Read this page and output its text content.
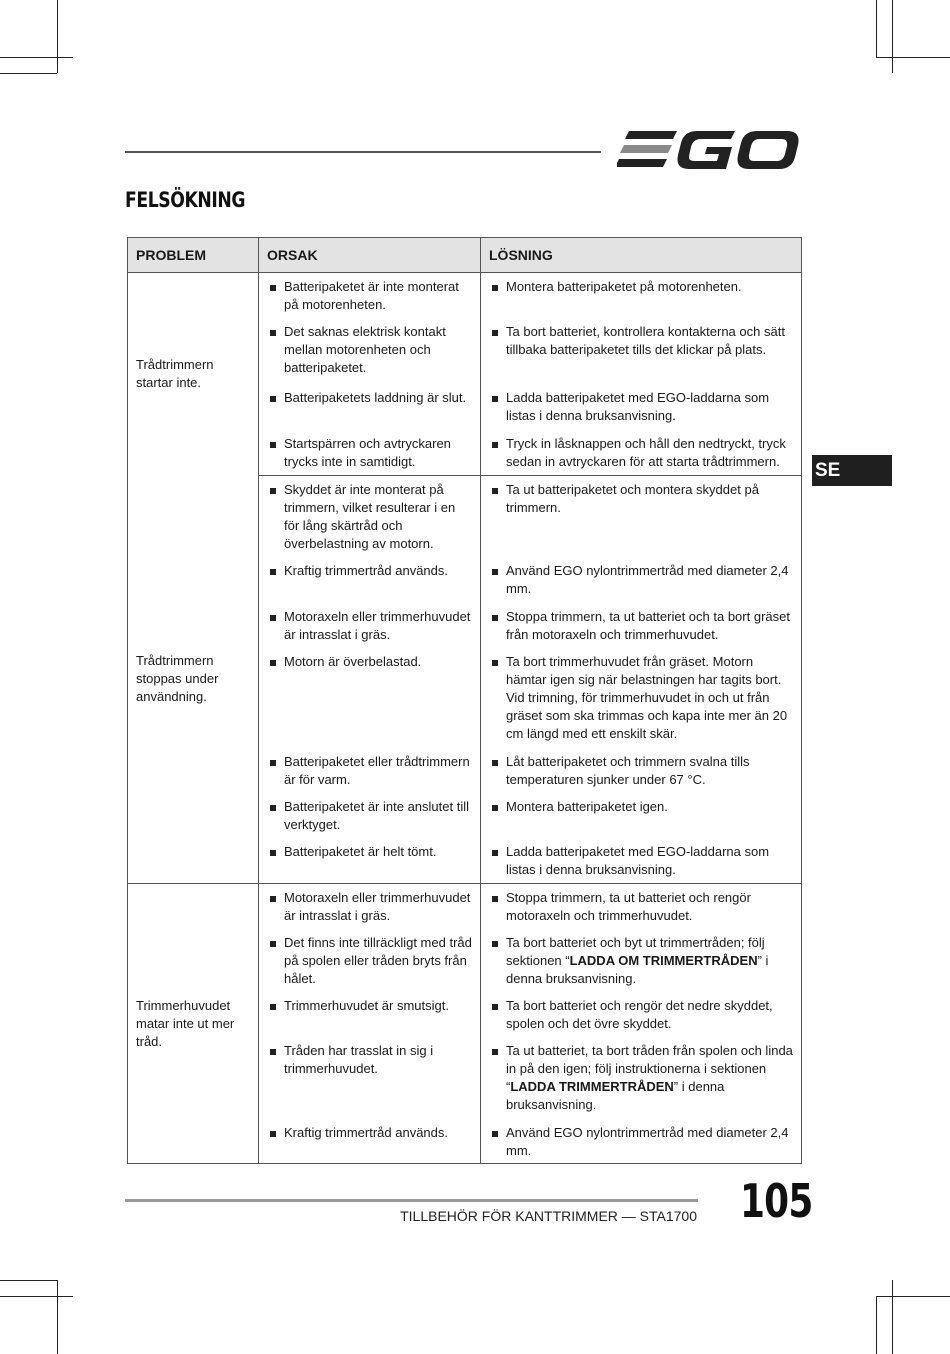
FELSÖKNING
SE
PROBLEM	ORSAK	LÖSNING
Trådtrimmern startar inte.	Batteripaketet är inte monterat på motorenheten.	Montera batteripaketet på motorenheten.

	Det saknas elektrisk kontakt mellan motorenheten och batteripaketet.	Ta bort batteriet, kontrollera kontakterna och sätt tillbaka batteripaketet tills det klickar på plats.

	Batteripaketets laddning är slut.	Ladda batteripaketet med EGO-laddarna som listas i denna bruksanvisning.

	Startspärren och avtryckaren trycks inte in samtidigt.	Tryck in låsknappen och håll den nedtryckt, tryck sedan in avtryckaren för att starta trådtrimmern.

Trådtrimmern stoppas under användning.	Skyddet är inte monterat på trimmern, vilket resulterar i en för lång skärtråd och överbelastning av motorn.	Ta ut batteripaketet och montera skyddet på trimmern.

	Kraftig trimmertråd används.	Använd EGO nylontrimmertråd med diameter 2,4 mm.

	Motoraxeln eller trimmerhuvudet är intrasslat i gräs.	Stoppa trimmern, ta ut batteriet och ta bort gräset från motoraxeln och trimmerhuvudet.

	Motorn är överbelastad.	Ta bort trimmerhuvudet från gräset. Motorn hämtar igen sig när belastningen har tagits bort. Vid trimning, för trimmerhuvudet in och ut från gräset som ska trimmas och kapa inte mer än 20 cm längd med ett enskilt skär.

	Batteripaketet eller trådtrimmern är för varm.	Låt batteripaketet och trimmern svalna tills temperaturen sjunker under 67 °C.

	Batteripaketet är inte anslutet till verktyget.	Montera batteripaketet igen.

	Batteripaketet är helt tömt.	Ladda batteripaketet med EGO-laddarna som listas i denna bruksanvisning.

Trimmerhuvudet matar inte ut mer tråd.	Motoraxeln eller trimmerhuvudet är intrasslat i gräs.	Stoppa trimmern, ta ut batteriet och rengör motoraxeln och trimmerhuvudet.

	Det finns inte tillräckligt med tråd på spolen eller tråden bryts från hålet.	Ta bort batteriet och byt ut trimmertråden; följ sektionen “LADDA OM TRIMMERTRÅDEN” i denna bruksanvisning.

	Trimmerhuvudet är smutsigt.	Ta bort batteriet och rengör det nedre skyddet, spolen och det övre skyddet.

	Tråden har trasslat in sig i trimmerhuvudet.	Ta ut batteriet, ta bort tråden från spolen och linda in på den igen; följ instruktionerna i sektionen “LADDA TRIMMERTRÅDEN” i denna bruksanvisning.

	Kraftig trimmertråd används.	Använd EGO nylontrimmertråd med diameter 2,4 mm.
TILLBEHÖR FÖR KANTTRIMMER — STA1700 105
